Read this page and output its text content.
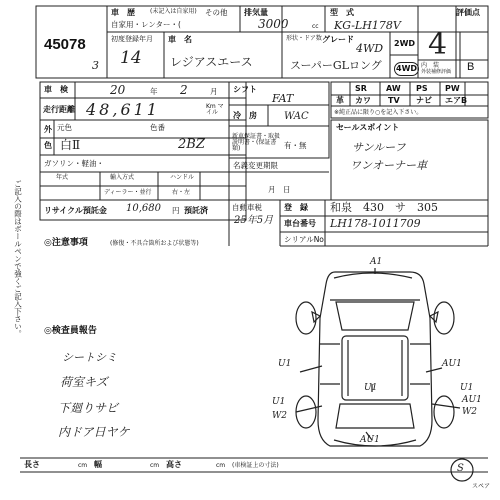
ご記入の際はボールペンで強くご記入下さい。
45078
3
車　歴	(未記入は自家用)
自家用・レンター・(
その他 排気量
3000	cc
型　式
KG-LH178V
評価点
初度登録年月
14
車　名
レジアスエース
形状・ドア数 グレード
4WD
スーパーGLロング
2WD
4WD
4
内　装
外装補修評価 B
車　検	20	年 2	月
走行距離 48,611	Km マイル
シフト
FAT
冷　房	WAC
外 元色	色番
色 白Ⅱ	2BZ
ガソリン・軽油・
年式	輸入方式	ハンドル
ディーラー・並行	右・左
リサイクル預託金 10,680 円 預託済
新車保証書・取扱説明書・(保証書類)	有・無
名義変更期限
月　日
自動車税
25年5月
登　録 和泉　430　サ　305
車台番号 LH178-1011709
シリアルNo.
SR AW PS PW
革 カワ TV ナビ エアB
※純正品に限り○を記入下さい。
セールスポイント
サンルーフ
ワンオーナー車
◎注意事項	(修復・不具合箇所および状態等)
◎検査員報告
シートシミ
荷室キズ
下廻りサビ
内ドア日ヤケ
A1
U1	AU1
U1
U1
W2
AU1
U1
W2
AU1
S
スペア
長さ	cm 幅	cm 高さ	cm (車検証上の寸法)
